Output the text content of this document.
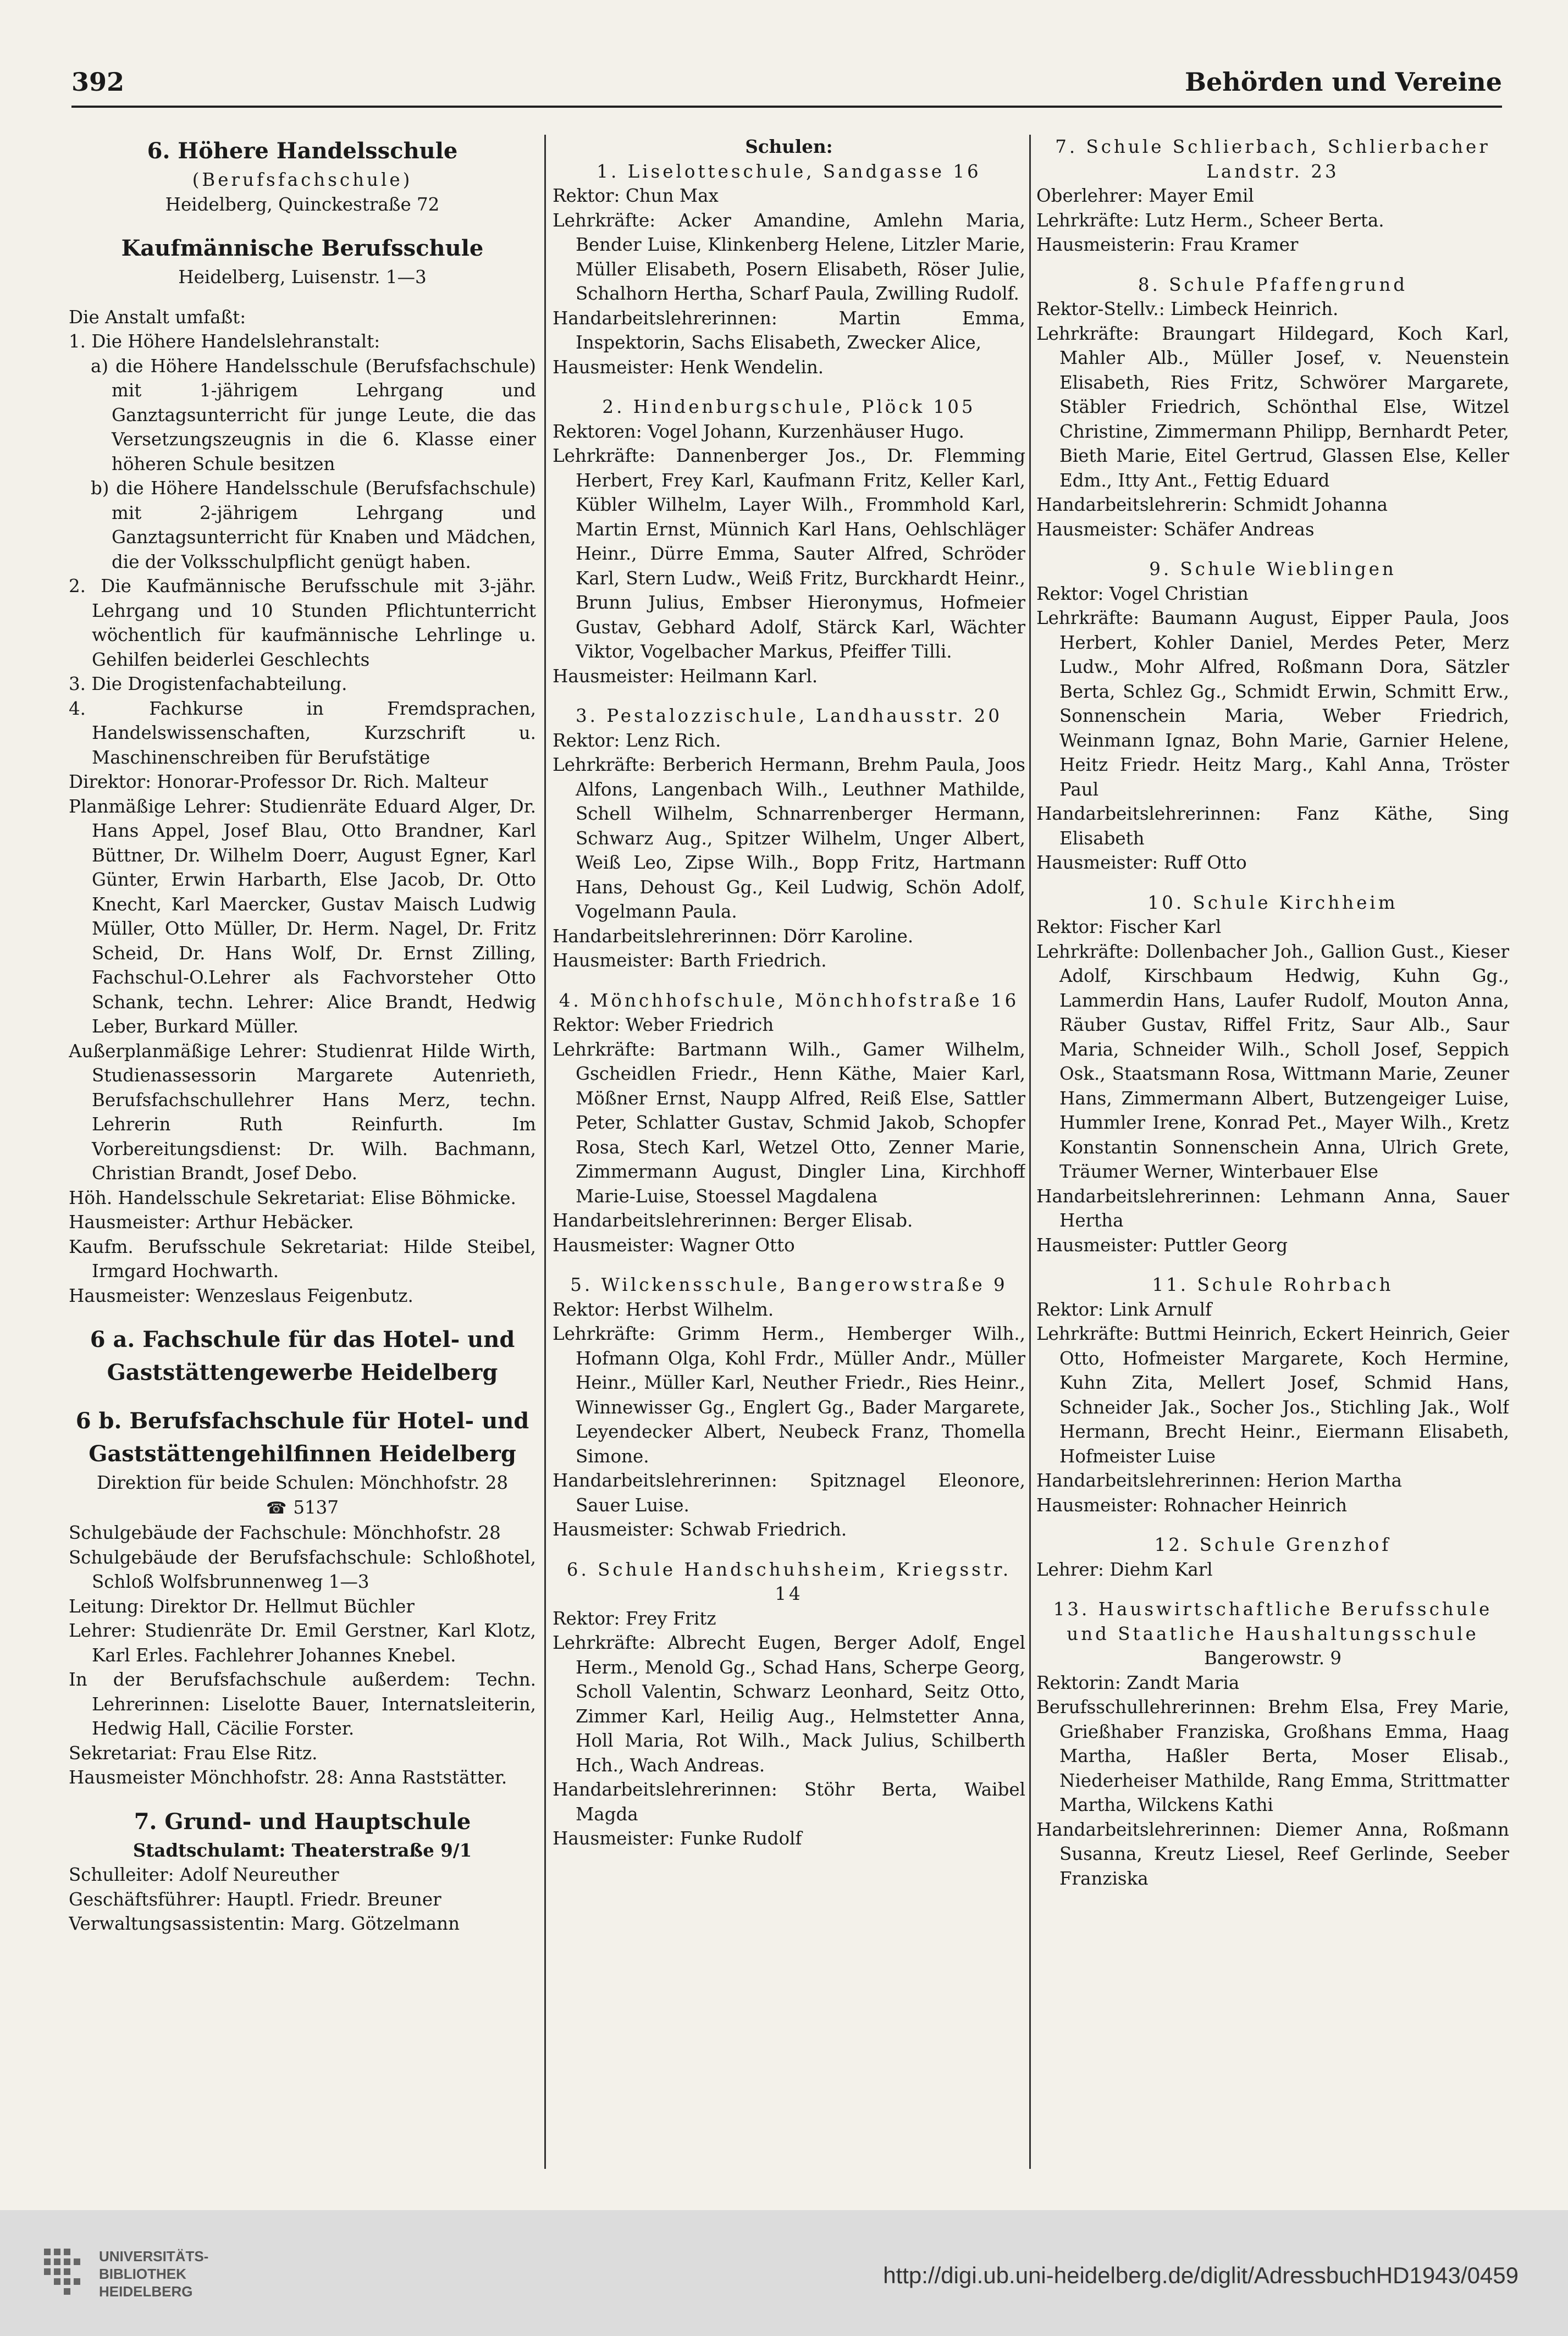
392	Behörden und Vereine

6. Höhere Handelsschule

(Berufsfachschule)

Heidelberg, Quinckestraße 72

Kaufmännische Berufsschule

Heidelberg, Luisenstr. 1—3

Die Anstalt umfaßt:

1. Die Höhere Handelslehranstalt:

a) die Höhere Handelsschule (Berufsfachschule) mit 1-jährigem Lehrgang und Ganztagsunterricht für junge Leute, die das Versetzungszeugnis in die 6. Klasse einer höheren Schule besitzen

b) die Höhere Handelsschule (Berufsfachschule) mit 2-jährigem Lehrgang und Ganztagsunterricht für Knaben und Mädchen, die der Volksschulpflicht genügt haben.

2. Die Kaufmännische Berufsschule mit 3-jähr. Lehrgang und 10 Stunden Pflichtunterricht wöchentlich für kaufmännische Lehrlinge u. Gehilfen beiderlei Geschlechts

3. Die Drogistenfachabteilung.

4. Fachkurse in Fremdsprachen, Handelswissenschaften, Kurzschrift u. Maschinenschreiben für Berufstätige

Direktor: Honorar-Professor Dr. Rich. Malteur

Planmäßige Lehrer: Studienräte Eduard Alger, Dr. Hans Appel, Josef Blau, Otto Brandner, Karl Büttner, Dr. Wilhelm Doerr, August Egner, Karl Günter, Erwin Harbarth, Else Jacob, Dr. Otto Knecht, Karl Maercker, Gustav Maisch Ludwig Müller, Otto Müller, Dr. Herm. Nagel, Dr. Fritz Scheid, Dr. Hans Wolf, Dr. Ernst Zilling, Fachschul-O.Lehrer als Fachvorsteher Otto Schank, techn. Lehrer: Alice Brandt, Hedwig Leber, Burkard Müller.

Außerplanmäßige Lehrer: Studienrat Hilde Wirth, Studienassessorin Margarete Autenrieth, Berufsfachschullehrer Hans Merz, techn. Lehrerin Ruth Reinfurth. Im Vorbereitungsdienst: Dr. Wilh. Bachmann, Christian Brandt, Josef Debo.

Höh. Handelsschule Sekretariat: Elise Böhmicke.

Hausmeister: Arthur Hebäcker.

Kaufm. Berufsschule Sekretariat: Hilde Steibel, Irmgard Hochwarth.

Hausmeister: Wenzeslaus Feigenbutz.

6 a. Fachschule für das Hotel- und Gaststättengewerbe Heidelberg

6 b. Berufsfachschule für Hotel- und Gaststättengehilfinnen Heidelberg

Direktion für beide Schulen: Mönchhofstr. 28

☎ 5137

Schulgebäude der Fachschule: Mönchhofstr. 28

Schulgebäude der Berufsfachschule: Schloßhotel, Schloß Wolfsbrunnenweg 1—3

Leitung: Direktor Dr. Hellmut Büchler

Lehrer: Studienräte Dr. Emil Gerstner, Karl Klotz, Karl Erles. Fachlehrer Johannes Knebel.

In der Berufsfachschule außerdem: Techn. Lehrerinnen: Liselotte Bauer, Internatsleiterin, Hedwig Hall, Cäcilie Forster.

Sekretariat: Frau Else Ritz.

Hausmeister Mönchhofstr. 28: Anna Raststätter.

7. Grund- und Hauptschule

Stadtschulamt: Theaterstraße 9/1

Schulleiter: Adolf Neureuther

Geschäftsführer: Hauptl. Friedr. Breuner

Verwaltungsassistentin: Marg. Götzelmann

Schulen:

1. Liselotteschule, Sandgasse 16

Rektor: Chun Max

Lehrkräfte: Acker Amandine, Amlehn Maria, Bender Luise, Klinkenberg Helene, Litzler Marie, Müller Elisabeth, Posern Elisabeth, Röser Julie, Schalhorn Hertha, Scharf Paula, Zwilling Rudolf.

Handarbeitslehrerinnen: Martin Emma, Inspektorin, Sachs Elisabeth, Zwecker Alice,

Hausmeister: Henk Wendelin.

2. Hindenburgschule, Plöck 105

Rektoren: Vogel Johann, Kurzenhäuser Hugo.

Lehrkräfte: Dannenberger Jos., Dr. Flemming Herbert, Frey Karl, Kaufmann Fritz, Keller Karl, Kübler Wilhelm, Layer Wilh., Frommhold Karl, Martin Ernst, Münnich Karl Hans, Oehlschläger Heinr., Dürre Emma, Sauter Alfred, Schröder Karl, Stern Ludw., Weiß Fritz, Burckhardt Heinr., Brunn Julius, Embser Hieronymus, Hofmeier Gustav, Gebhard Adolf, Stärck Karl, Wächter Viktor, Vogelbacher Markus, Pfeiffer Tilli.

Hausmeister: Heilmann Karl.

3. Pestalozzischule, Landhausstr. 20

Rektor: Lenz Rich.

Lehrkräfte: Berberich Hermann, Brehm Paula, Joos Alfons, Langenbach Wilh., Leuthner Mathilde, Schell Wilhelm, Schnarrenberger Hermann, Schwarz Aug., Spitzer Wilhelm, Unger Albert, Weiß Leo, Zipse Wilh., Bopp Fritz, Hartmann Hans, Dehoust Gg., Keil Ludwig, Schön Adolf, Vogelmann Paula.

Handarbeitslehrerinnen: Dörr Karoline.

Hausmeister: Barth Friedrich.

4. Mönchhofschule, Mönchhofstraße 16

Rektor: Weber Friedrich

Lehrkräfte: Bartmann Wilh., Gamer Wilhelm, Gscheidlen Friedr., Henn Käthe, Maier Karl, Mößner Ernst, Naupp Alfred, Reiß Else, Sattler Peter, Schlatter Gustav, Schmid Jakob, Schopfer Rosa, Stech Karl, Wetzel Otto, Zenner Marie, Zimmermann August, Dingler Lina, Kirchhoff Marie-Luise, Stoessel Magdalena

Handarbeitslehrerinnen: Berger Elisab.

Hausmeister: Wagner Otto

5. Wilckensschule, Bangerowstraße 9

Rektor: Herbst Wilhelm.

Lehrkräfte: Grimm Herm., Hemberger Wilh., Hofmann Olga, Kohl Frdr., Müller Andr., Müller Heinr., Müller Karl, Neuther Friedr., Ries Heinr., Winnewisser Gg., Englert Gg., Bader Margarete, Leyendecker Albert, Neubeck Franz, Thomella Simone.

Handarbeitslehrerinnen: Spitznagel Eleonore, Sauer Luise.

Hausmeister: Schwab Friedrich.

6. Schule Handschuhsheim, Kriegsstr. 14

Rektor: Frey Fritz

Lehrkräfte: Albrecht Eugen, Berger Adolf, Engel Herm., Menold Gg., Schad Hans, Scherpe Georg, Scholl Valentin, Schwarz Leonhard, Seitz Otto, Zimmer Karl, Heilig Aug., Helmstetter Anna, Holl Maria, Rot Wilh., Mack Julius, Schilberth Hch., Wach Andreas.

Handarbeitslehrerinnen: Stöhr Berta, Waibel Magda

Hausmeister: Funke Rudolf

7. Schule Schlierbach, Schlierbacher Landstr. 23

Oberlehrer: Mayer Emil

Lehrkräfte: Lutz Herm., Scheer Berta.

Hausmeisterin: Frau Kramer

8. Schule Pfaffengrund

Rektor-Stellv.: Limbeck Heinrich.

Lehrkräfte: Braungart Hildegard, Koch Karl, Mahler Alb., Müller Josef, v. Neuenstein Elisabeth, Ries Fritz, Schwörer Margarete, Stäbler Friedrich, Schönthal Else, Witzel Christine, Zimmermann Philipp, Bernhardt Peter, Bieth Marie, Eitel Gertrud, Glassen Else, Keller Edm., Itty Ant., Fettig Eduard

Handarbeitslehrerin: Schmidt Johanna

Hausmeister: Schäfer Andreas

9. Schule Wieblingen

Rektor: Vogel Christian

Lehrkräfte: Baumann August, Eipper Paula, Joos Herbert, Kohler Daniel, Merdes Peter, Merz Ludw., Mohr Alfred, Roßmann Dora, Sätzler Berta, Schlez Gg., Schmidt Erwin, Schmitt Erw., Sonnenschein Maria, Weber Friedrich, Weinmann Ignaz, Bohn Marie, Garnier Helene, Heitz Friedr. Heitz Marg., Kahl Anna, Tröster Paul

Handarbeitslehrerinnen: Fanz Käthe, Sing Elisabeth

Hausmeister: Ruff Otto

10. Schule Kirchheim

Rektor: Fischer Karl

Lehrkräfte: Dollenbacher Joh., Gallion Gust., Kieser Adolf, Kirschbaum Hedwig, Kuhn Gg., Lammerdin Hans, Laufer Rudolf, Mouton Anna, Räuber Gustav, Riffel Fritz, Saur Alb., Saur Maria, Schneider Wilh., Scholl Josef, Seppich Osk., Staatsmann Rosa, Wittmann Marie, Zeuner Hans, Zimmermann Albert, Butzengeiger Luise, Hummler Irene, Konrad Pet., Mayer Wilh., Kretz Konstantin Sonnenschein Anna, Ulrich Grete, Träumer Werner, Winterbauer Else

Handarbeitslehrerinnen: Lehmann Anna, Sauer Hertha

Hausmeister: Puttler Georg

11. Schule Rohrbach

Rektor: Link Arnulf

Lehrkräfte: Buttmi Heinrich, Eckert Heinrich, Geier Otto, Hofmeister Margarete, Koch Hermine, Kuhn Zita, Mellert Josef, Schmid Hans, Schneider Jak., Socher Jos., Stichling Jak., Wolf Hermann, Brecht Heinr., Eiermann Elisabeth, Hofmeister Luise

Handarbeitslehrerinnen: Herion Martha

Hausmeister: Rohnacher Heinrich

12. Schule Grenzhof

Lehrer: Diehm Karl

13. Hauswirtschaftliche Berufsschule und Staatliche Haushaltungsschule

Bangerowstr. 9

Rektorin: Zandt Maria

Berufsschullehrerinnen: Brehm Elsa, Frey Marie, Grießhaber Franziska, Großhans Emma, Haag Martha, Haßler Berta, Moser Elisab., Niederheiser Mathilde, Rang Emma, Strittmatter Martha, Wilckens Kathi

Handarbeitslehrerinnen: Diemer Anna, Roßmann Susanna, Kreutz Liesel, Reef Gerlinde, Seeber Franziska

UNIVERSITÄTS-
BIBLIOTHEK
HEIDELBERG
http://digi.ub.uni-heidelberg.de/diglit/AdressbuchHD1943/0459
